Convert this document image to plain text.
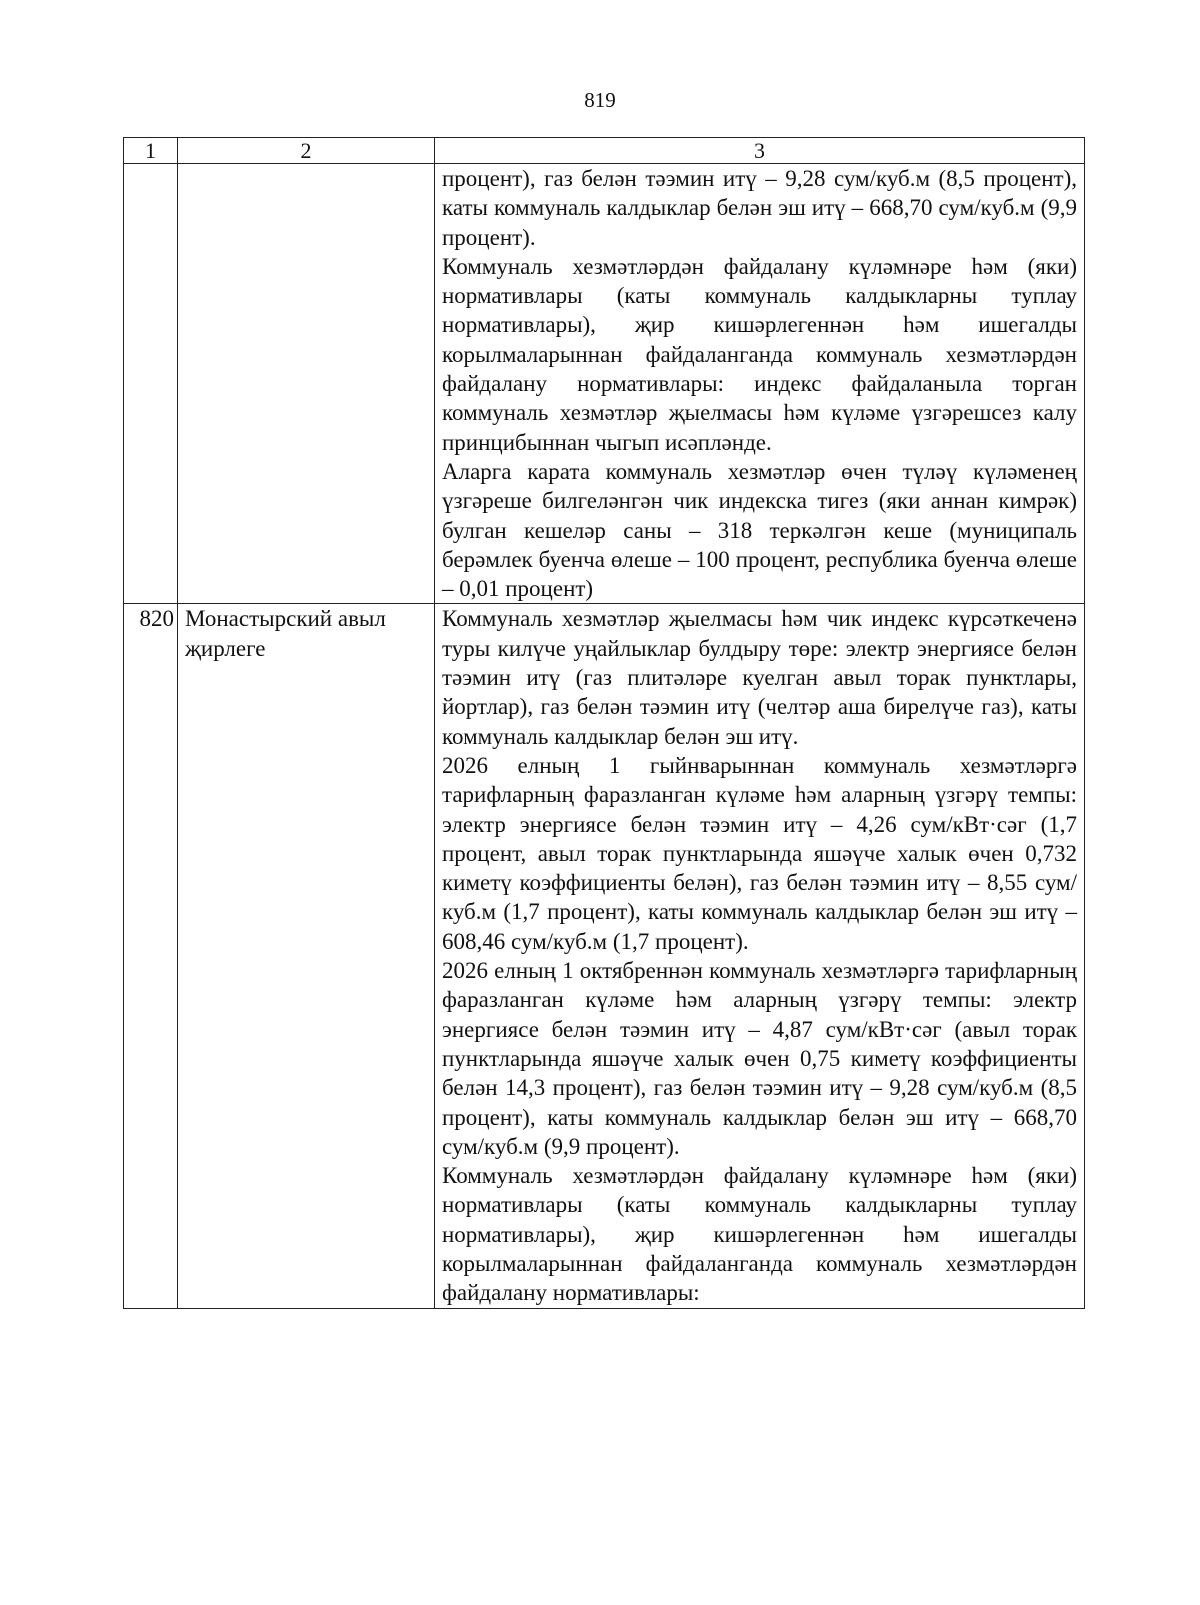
819
1	2	3

		процент), газ белән тәэмин итү – 9,28 сум/куб.м (8,5 процент), каты коммуналь калдыклар белән эш итү – 668,70 сум/куб.м (9,9 процент).

Коммуналь хезмәтләрдән файдалану күләмнәре һәм (яки) нормативлары (каты коммуналь калдыкларны туплау нормативлары), җир кишәрлегеннән һәм ишегалды корылмаларыннан файдаланганда коммуналь хезмәтләрдән файдалану нормативлары: индекс файдаланыла торган коммуналь хезмәтләр җыелмасы һәм күләме үзгәрешсез калу принцибыннан чыгып исәпләнде.

Аларга карата коммуналь хезмәтләр өчен түләү күләменең үзгәреше билгеләнгән чик индекска тигез (яки аннан кимрәк) булган кешеләр саны – 318 теркәлгән кеше (муниципаль берәмлек буенча өлеше – 100 процент, республика буенча өлеше – 0,01 процент)

820	Монастырский авыл җирлеге	Коммуналь хезмәтләр җыелмасы һәм чик индекс күрсәткеченә туры килүче уңайлыклар булдыру төре: электр энергиясе белән тәэмин итү (газ плитәләре куелган авыл торак пунктлары, йортлар), газ белән тәэмин итү (челтәр аша бирелүче газ), каты коммуналь калдыклар белән эш итү.

2026 елның 1 гыйнварыннан коммуналь хезмәтләргә тарифларның фаразланган күләме һәм аларның үзгәрү темпы: электр энергиясе белән тәэмин итү – 4,26 сум/кВт·сәг (1,7 процент, авыл торак пунктларында яшәүче халык өчен 0,732 киметү коэффициенты белән), газ белән тәэмин итү – 8,55 сум/куб.м (1,7 процент), каты коммуналь калдыклар белән эш итү – 608,46 сум/куб.м (1,7 процент).

2026 елның 1 октябреннән коммуналь хезмәтләргә тарифларның фаразланган күләме һәм аларның үзгәрү темпы: электр энергиясе белән тәэмин итү – 4,87 сум/кВт·сәг (авыл торак пунктларында яшәүче халык өчен 0,75 киметү коэффициенты белән 14,3 процент), газ белән тәэмин итү – 9,28 сум/куб.м (8,5 процент), каты коммуналь калдыклар белән эш итү – 668,70 сум/куб.м (9,9 процент).

Коммуналь хезмәтләрдән файдалану күләмнәре һәм (яки) нормативлары (каты коммуналь калдыкларны туплау нормативлары), җир кишәрлегеннән һәм ишегалды корылмаларыннан файдаланганда коммуналь хезмәтләрдән файдалану нормативлары:
